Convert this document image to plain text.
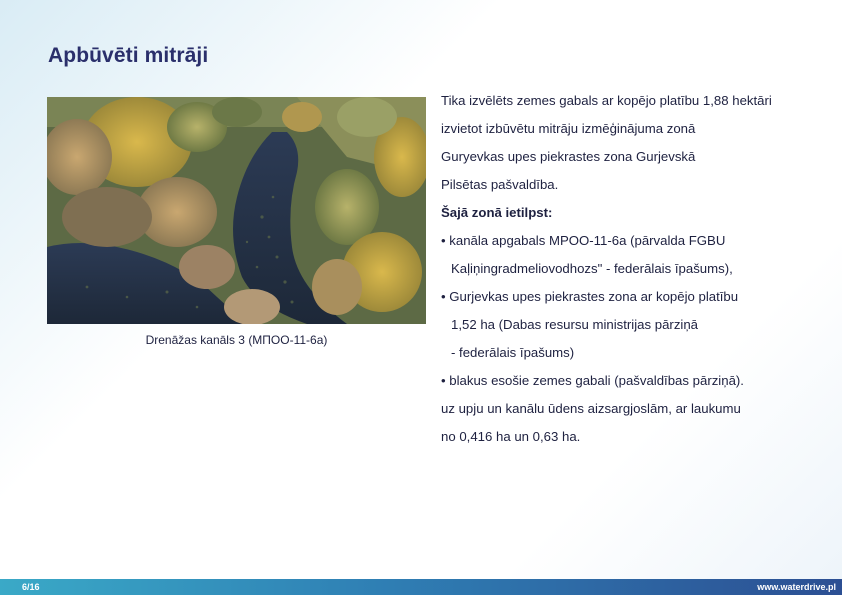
Apbūvēti mitrāji
Drenāžas kanāls 3 (МПОО-11-6а)
Tika izvēlēts zemes gabals ar kopējo platību 1,88 hektāri
izvietot izbūvētu mitrāju izmēģinājuma zonā
Guryevkas upes piekrastes zona Gurjevskā
Pilsētas pašvaldība.
Šajā zonā ietilpst:
• kanāla apgabals MPOO-11-6a (pārvalda FGBU
Kaļiņingradmeliovodhozs" - federālais īpašums),
• Gurjevkas upes piekrastes zona ar kopējo platību
1,52 ha (Dabas resursu ministrijas pārziņā
- federālais īpašums)
• blakus esošie zemes gabali (pašvaldības pārziņā).
uz upju un kanālu ūdens aizsargjoslām, ar laukumu
no 0,416 ha un 0,63 ha.
6/16	www.waterdrive.pl
